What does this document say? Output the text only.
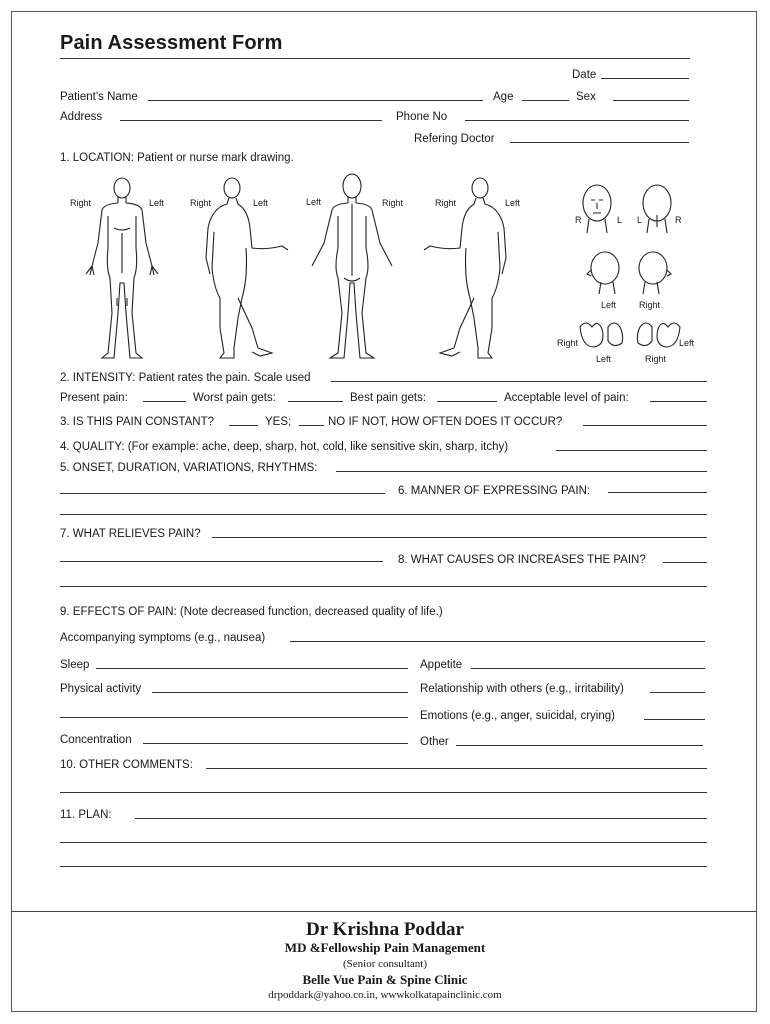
Pain Assessment Form
Date
Patient’s Name	Age	Sex
Address	Phone No
Refering Doctor
1. LOCATION: Patient or nurse mark drawing.
Right	Left	Right	Left	Left	Right	Right	Left
R	L L	R
Left	Right
Right	Left
Left	Right
2. INTENSITY: Patient rates the pain. Scale used
Present pain:	Worst pain gets:	Best pain gets:	Acceptable level of pain:
3. IS THIS PAIN CONSTANT?	YES;	NO IF NOT, HOW OFTEN DOES IT OCCUR?
4. QUALITY: (For example: ache, deep, sharp, hot, cold, like sensitive skin, sharp, itchy)
5. ONSET, DURATION, VARIATIONS, RHYTHMS:
6. MANNER OF EXPRESSING PAIN:
7. WHAT RELIEVES PAIN?
8. WHAT CAUSES OR INCREASES THE PAIN?
9. EFFECTS OF PAIN: (Note decreased function, decreased quality of life.)
Accompanying symptoms (e.g., nausea)
Sleep	Appetite
Physical activity	Relationship with others (e.g., irritability)
Emotions (e.g., anger, suicidal, crying)
Concentration	Other
10. OTHER COMMENTS:
11. PLAN:
Dr Krishna Poddar
MD &Fellowship Pain Management
(Senior consultant)
Belle Vue Pain & Spine Clinic
drpoddark@yahoo.co.in, wwwkolkatapainclinic.com
